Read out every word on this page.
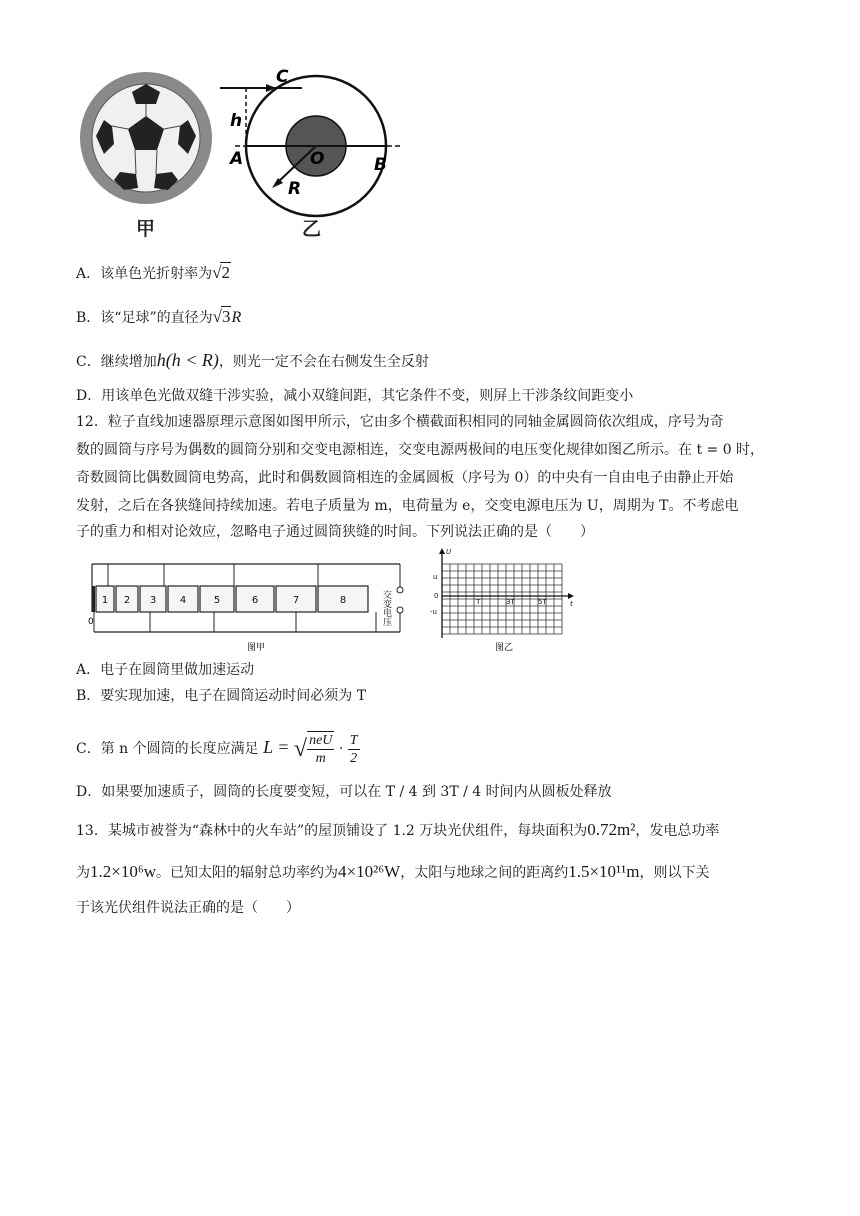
甲
C
h
A	O	B
R
乙
A．该单色光折射率为√2
B．该“足球”的直径为√3R
C．继续增加h(h < R)，则光一定不会在右侧发生全反射
D．用该单色光做双缝干涉实验，减小双缝间距，其它条件不变，则屏上干涉条纹间距变小
12．粒子直线加速器原理示意图如图甲所示，它由多个横截面积相同的同轴金属圆筒依次组成，序号为奇
数的圆筒与序号为偶数的圆筒分别和交变电源相连，交变电源两极间的电压变化规律如图乙所示。在 t = 0 时，
奇数圆筒比偶数圆筒电势高，此时和偶数圆筒相连的金属圆板（序号为 0）的中央有一自由电子由静止开始
发射，之后在各狭缝间持续加速。若电子质量为 m，电荷量为 e，交变电源电压为 U，周期为 T。不考虑电
子的重力和相对论效应，忽略电子通过圆筒狭缝的时间。下列说法正确的是（　　）
1 2 3 4	5	6	7	8
0	交变电压
图甲
U
t
u
0
-u
T	3T	5T
图乙
A．电子在圆筒里做加速运动
B．要实现加速，电子在圆筒运动时间必须为 T
C．第 n 个圆筒的长度应满足 L = √ $\frac{\text{neU}}{m} \cdot \frac{T}{2}$
D．如果要加速质子，圆筒的长度要变短，可以在 T / 4 到 3T / 4 时间内从圆板处释放
13．某城市被誉为“森林中的火车站”的屋顶铺设了 1.2 万块光伏组件，每块面积为0.72m²，发电总功率
为1.2×10⁶w。已知太阳的辐射总功率约为4×10²⁶W，太阳与地球之间的距离约1.5×10¹¹m，则以下关
于该光伏组件说法正确的是（　　）
